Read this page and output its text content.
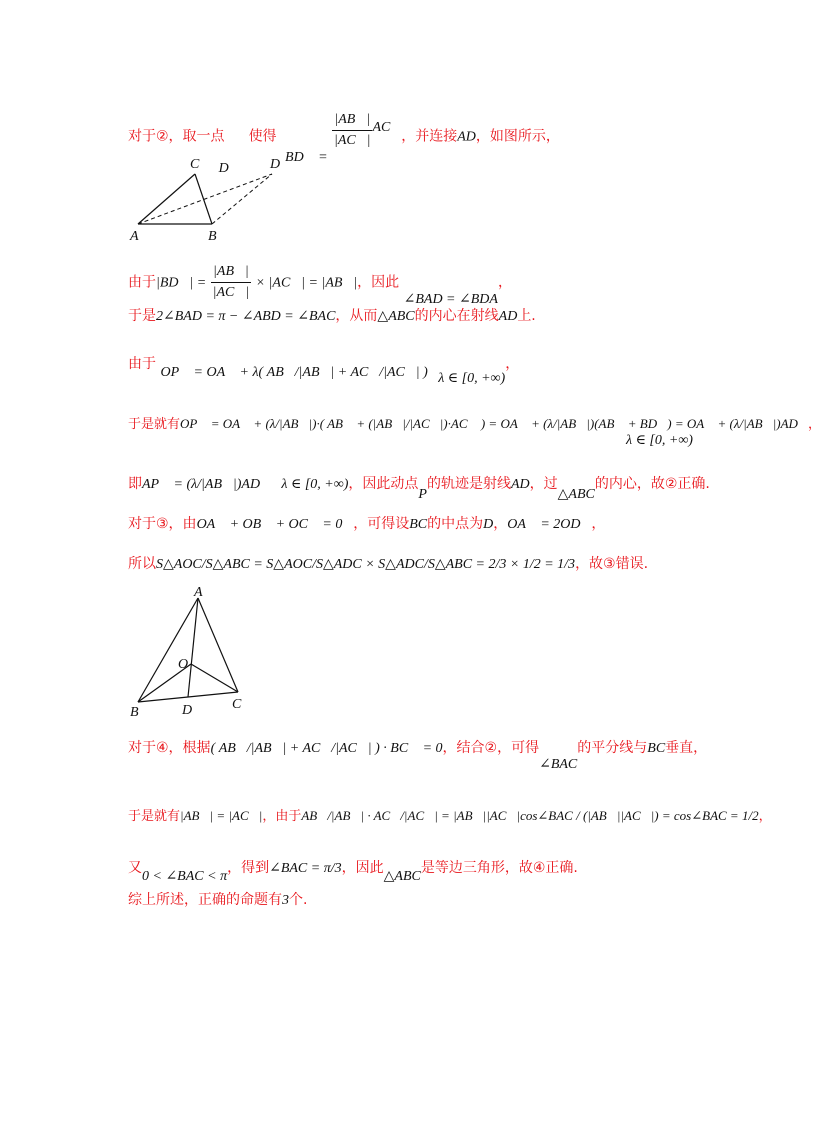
对于②，取一点
D
使得 BD⃗ =
$\frac{|AB⃗|}{|AC⃗|}$ AC⃗，并连接AD，如图所示，
A	B
C	D
由于|BD⃗| = $\frac{|AB⃗|}{|AC⃗|}$ × |AC⃗| = |AB⃗|，因此 ∠BAD = ∠BDA，
于是2∠BAD = π − ∠ABD = ∠BAC，从而△ABC的内心在射线AD上.
由于 OP⃗ = OA⃗ + λ( AB⃗/|AB⃗| + AC⃗/|AC⃗| ) λ ∈ [0, +∞)，
于是就有OP⃗ = OA⃗ + (λ/|AB⃗|)·( AB⃗ + (|AB⃗|/|AC⃗|)·AC⃗ ) = OA⃗ + (λ/|AB⃗|)(AB⃗ + BD⃗) = OA⃗ + (λ/|AB⃗|)AD⃗，
λ ∈ [0, +∞)
即AP⃗ = (λ/|AB⃗|)AD⃗ λ ∈ [0, +∞)，因此动点P的轨迹是射线AD，过△ABC的内心，故②正确.
对于③，由OA⃗ + OB⃗ + OC⃗ = 0⃗，可得设BC的中点为D，OA⃗ = 2OD⃗，
所以S△AOC/S△ABC = S△AOC/S△ADC × S△ADC/S△ABC = 2/3 × 1/2 = 1/3，故③错误.
A
B
C
D
O
对于④，根据( AB⃗/|AB⃗| + AC⃗/|AC⃗| ) · BC⃗ = 0，结合②，可得∠BAC的平分线与BC垂直，
于是就有|AB⃗| = |AC⃗|，由于AB⃗/|AB⃗| · AC⃗/|AC⃗| = |AB⃗||AC⃗|cos∠BAC / (|AB⃗||AC⃗|) = cos∠BAC = 1/2，
又0 < ∠BAC < π，得到∠BAC = π/3，因此△ABC是等边三角形，故④正确.
综上所述，正确的命题有3个.
